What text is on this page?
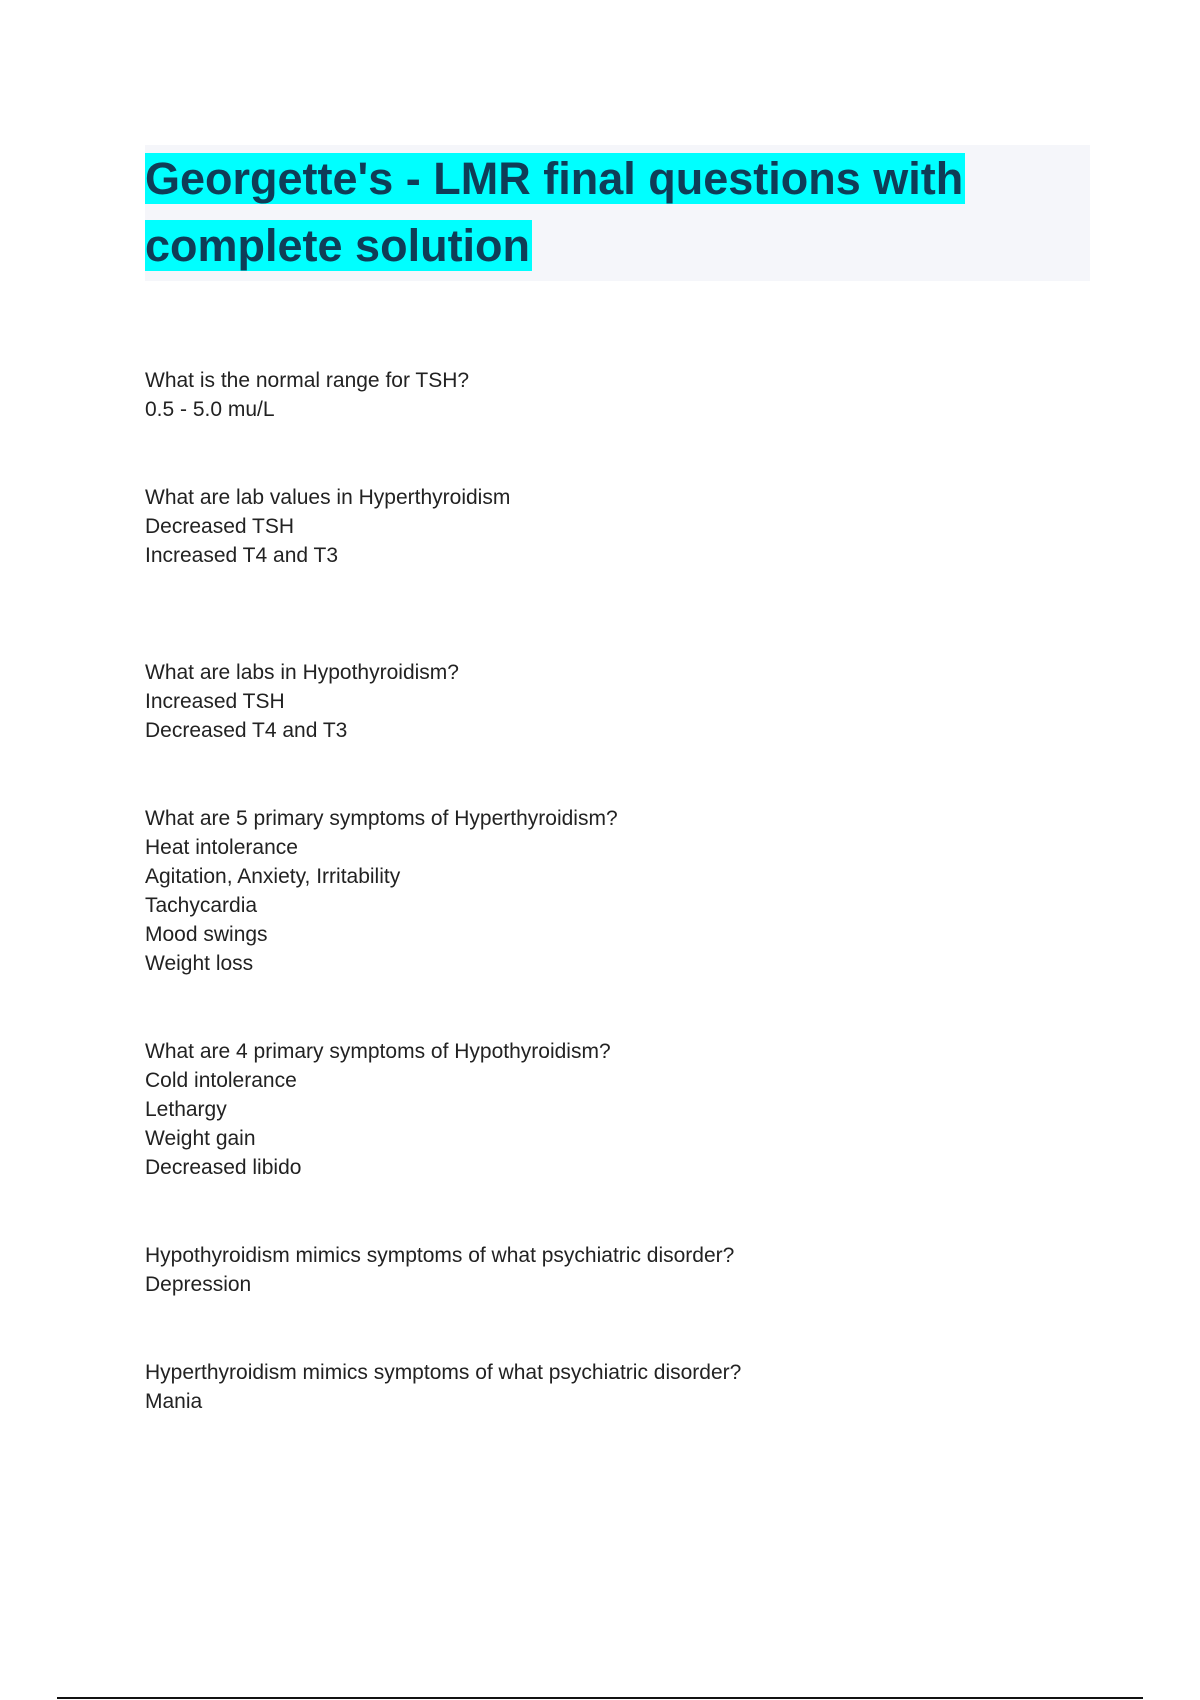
Georgette's - LMR final questions with
complete solution

What is the normal range for TSH?

0.5 - 5.0 mu/L

What are lab values in Hyperthyroidism

Decreased TSH

Increased T4 and T3

What are labs in Hypothyroidism?

Increased TSH

Decreased T4 and T3

What are 5 primary symptoms of Hyperthyroidism?

Heat intolerance

Agitation, Anxiety, Irritability

Tachycardia

Mood swings

Weight loss

What are 4 primary symptoms of Hypothyroidism?

Cold intolerance

Lethargy

Weight gain

Decreased libido

Hypothyroidism mimics symptoms of what psychiatric disorder?

Depression

Hyperthyroidism mimics symptoms of what psychiatric disorder?

Mania
